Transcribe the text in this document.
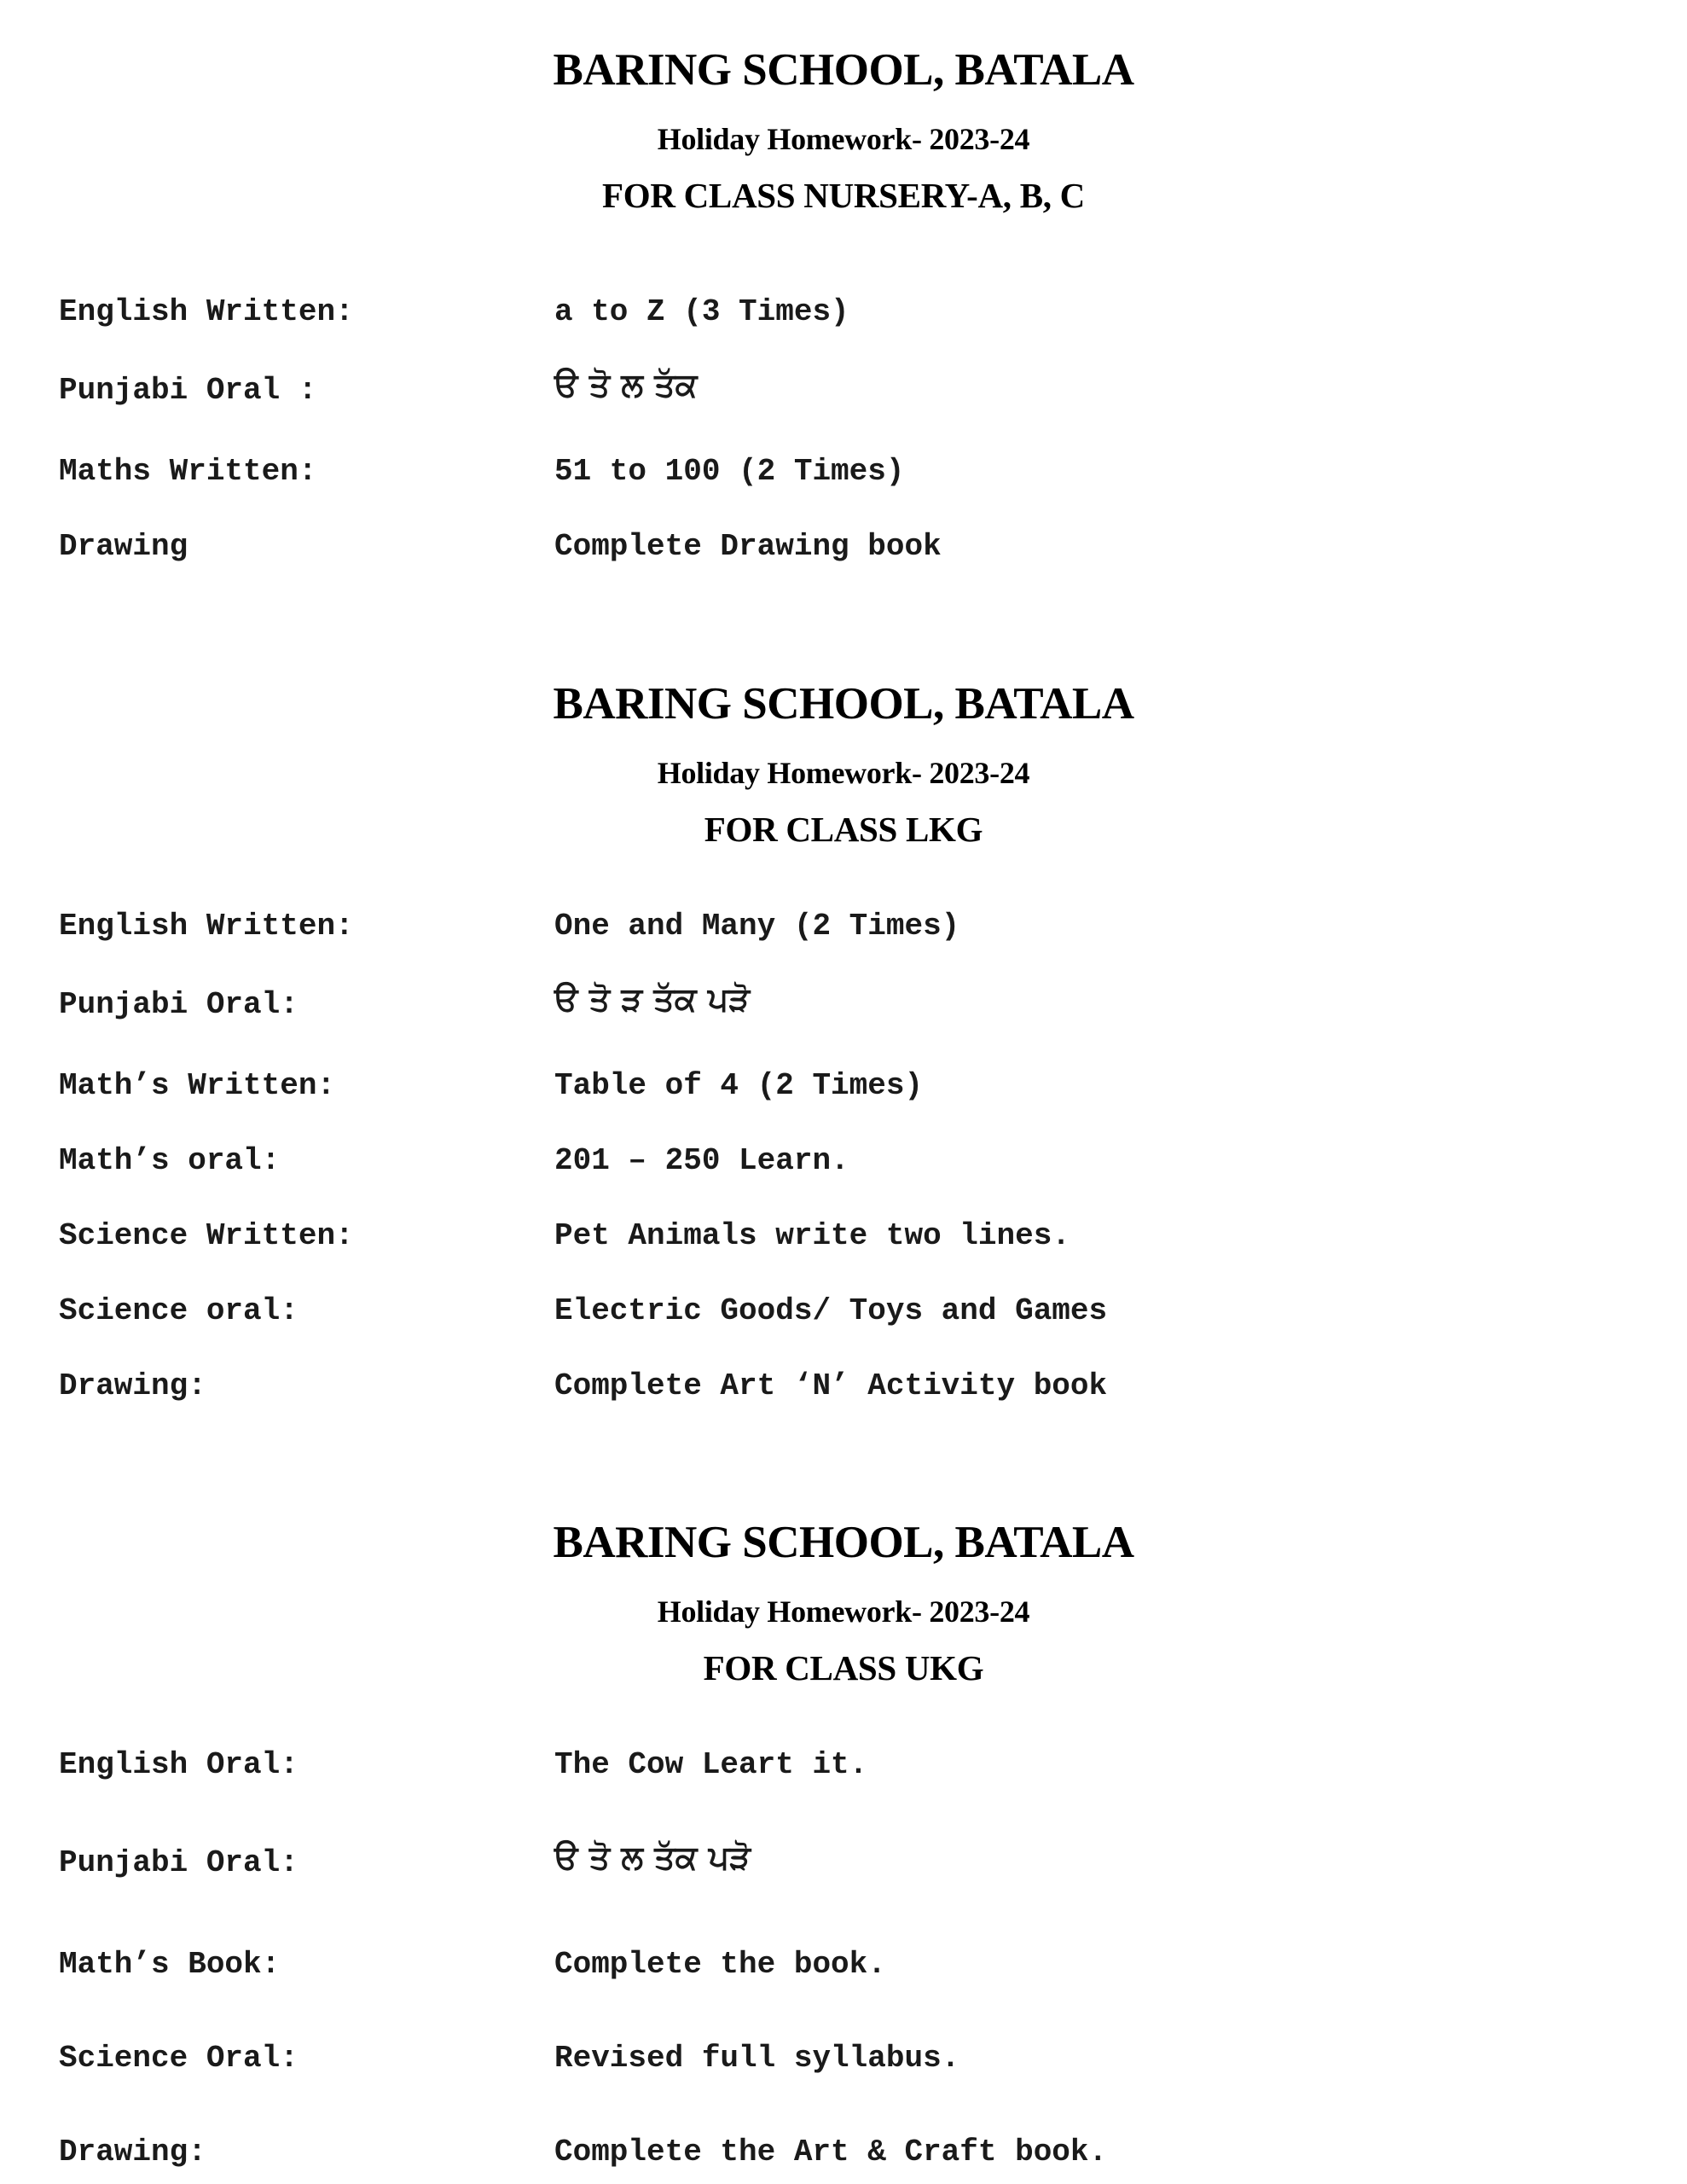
BARING SCHOOL, BATALA
Holiday Homework- 2023-24
FOR CLASS NURSERY-A, B, C
English Written:	a to Z (3 Times)
Punjabi Oral :	ੳ ਤੋ ਲ ਤੱਕ
Maths Written:	51 to 100 (2 Times)
Drawing	Complete Drawing book
BARING SCHOOL, BATALA
Holiday Homework- 2023-24
FOR CLASS LKG
English Written:	One and Many (2 Times)
Punjabi Oral:	ੳ ਤੋ ੜ ਤੱਕ ਪੜੋ
Math’s Written:	Table of 4 (2 Times)
Math’s oral:	201 – 250 Learn.
Science Written:	Pet Animals write two lines.
Science oral:	Electric Goods/ Toys and Games
Drawing:	Complete Art ‘N’ Activity book
BARING SCHOOL, BATALA
Holiday Homework- 2023-24
FOR CLASS UKG
English Oral:	The Cow Leart it.
Punjabi Oral:	ੳ ਤੋ ਲ ਤੱਕ ਪੜੋ
Math’s Book:	Complete the book.
Science Oral:	Revised full syllabus.
Drawing:	Complete the Art & Craft book.
